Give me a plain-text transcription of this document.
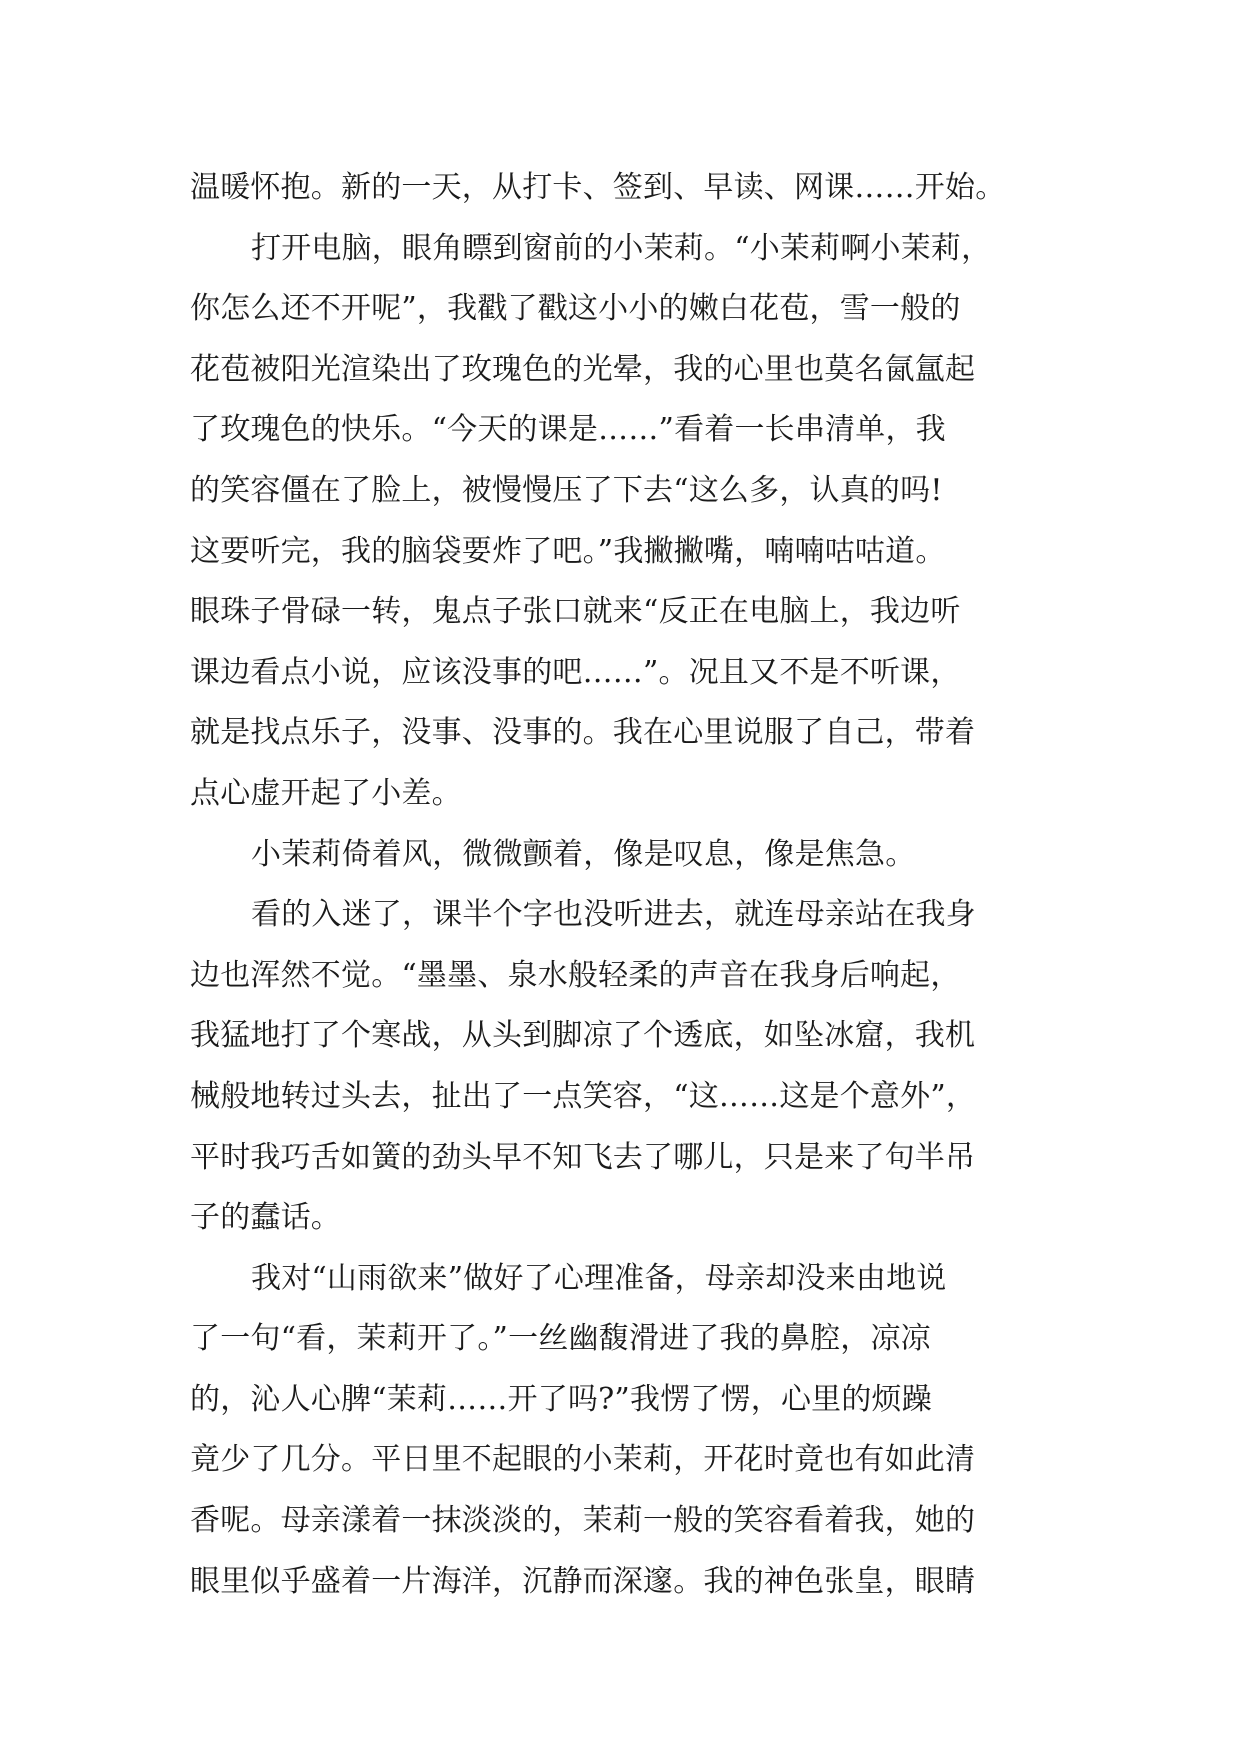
温暖怀抱。新的一天，从打卡、签到、早读、网课……开始。
打开电脑，眼角瞟到窗前的小茉莉。“小茉莉啊小茉莉，
你怎么还不开呢”，我戳了戳这小小的嫩白花苞，雪一般的
花苞被阳光渲染出了玫瑰色的光晕，我的心里也莫名氤氲起
了玫瑰色的快乐。“今天的课是……”看着一长串清单，我
的笑容僵在了脸上，被慢慢压了下去“这么多，认真的吗!
这要听完，我的脑袋要炸了吧。”我撇撇嘴，喃喃咕咕道。
眼珠子骨碌一转，鬼点子张口就来“反正在电脑上，我边听
课边看点小说，应该没事的吧……”。况且又不是不听课，
就是找点乐子，没事、没事的。我在心里说服了自己，带着
点心虚开起了小差。
小茉莉倚着风，微微颤着，像是叹息，像是焦急。
看的入迷了，课半个字也没听进去，就连母亲站在我身
边也浑然不觉。“墨墨、泉水般轻柔的声音在我身后响起，
我猛地打了个寒战，从头到脚凉了个透底，如坠冰窟，我机
械般地转过头去，扯出了一点笑容，“这……这是个意外”，
平时我巧舌如簧的劲头早不知飞去了哪儿，只是来了句半吊
子的蠢话。
我对“山雨欲来”做好了心理准备，母亲却没来由地说
了一句“看，茉莉开了。”一丝幽馥滑进了我的鼻腔，凉凉
的，沁人心脾“茉莉……开了吗?”我愣了愣，心里的烦躁
竟少了几分。平日里不起眼的小茉莉，开花时竟也有如此清
香呢。母亲漾着一抹淡淡的，茉莉一般的笑容看着我，她的
眼里似乎盛着一片海洋，沉静而深邃。我的神色张皇，眼睛
